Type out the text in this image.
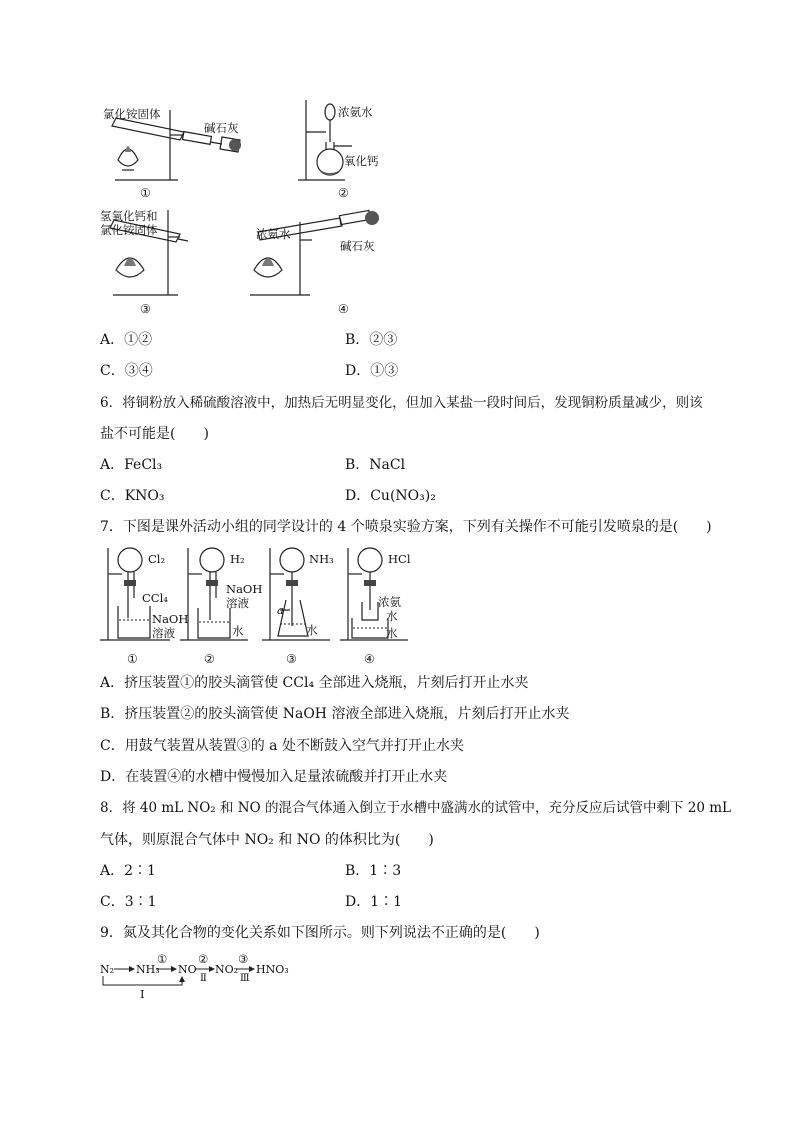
氯化铵固体
碱石灰
①
浓氨水
氧化钙
②
氢氧化钙和
氯化铵固体
③
浓氨水
碱石灰
④
A．①②	B．②③
C．③④	D．①③
6．将铜粉放入稀硫酸溶液中，加热后无明显变化，但加入某盐一段时间后，发现铜粉质量减少，则该
盐不可能是(　　)
A．FeCl₃	B．NaCl
C．KNO₃	D．Cu(NO₃)₂
7．下图是课外活动小组的同学设计的 4 个喷泉实验方案，下列有关操作不可能引发喷泉的是(　　)
Cl₂
CCl₄
NaOH
溶液
①
H₂
NaOH
溶液
水
②
NH₃
a
水
③
HCl
浓氨
水
水
④
A．挤压装置①的胶头滴管使 CCl₄ 全部进入烧瓶，片刻后打开止水夹
B．挤压装置②的胶头滴管使 NaOH 溶液全部进入烧瓶，片刻后打开止水夹
C．用鼓气装置从装置③的 a 处不断鼓入空气并打开止水夹
D．在装置④的水槽中慢慢加入足量浓硫酸并打开止水夹
8．将 40 mL NO₂ 和 NO 的混合气体通入倒立于水槽中盛满水的试管中，充分反应后试管中剩下 20 mL
气体，则原混合气体中 NO₂ 和 NO 的体积比为(　　)
A．2∶1	B．1∶3
C．3∶1	D．1∶1
9．氮及其化合物的变化关系如下图所示。则下列说法不正确的是(　　)
N₂ NH₃ NO NO₂ HNO₃
①	②	③
Ⅰ
Ⅱ	Ⅲ
